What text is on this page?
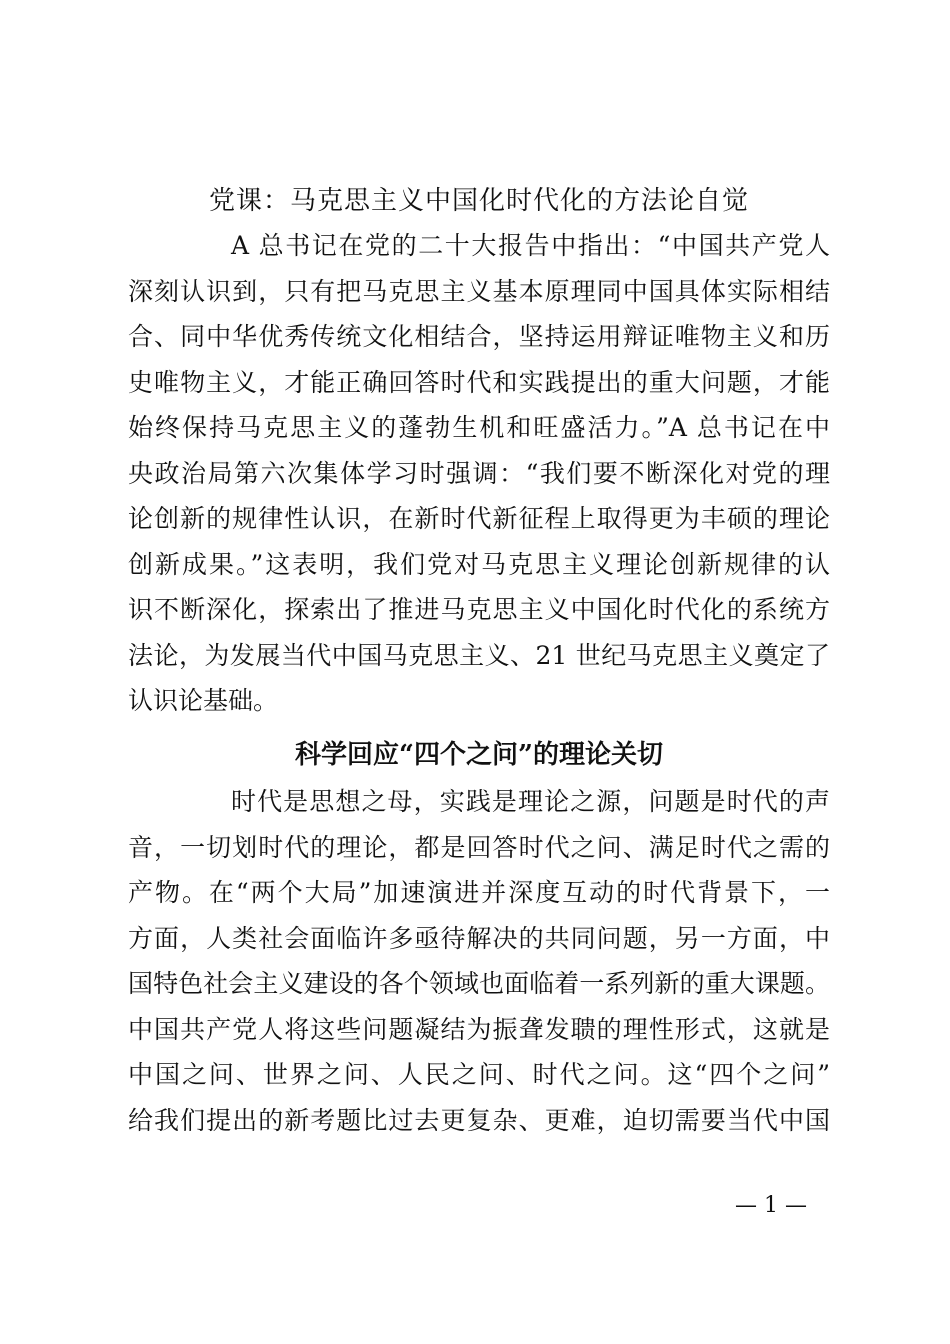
党课：马克思主义中国化时代化的方法论自觉
A 总书记在党的二十大报告中指出：“中国共产党人
深刻认识到，只有把马克思主义基本原理同中国具体实际相结
合、同中华优秀传统文化相结合，坚持运用辩证唯物主义和历
史唯物主义，才能正确回答时代和实践提出的重大问题，才能
始终保持马克思主义的蓬勃生机和旺盛活力。”A 总书记在中
央政治局第六次集体学习时强调：“我们要不断深化对党的理
论创新的规律性认识，在新时代新征程上取得更为丰硕的理论
创新成果。”这表明，我们党对马克思主义理论创新规律的认
识不断深化，探索出了推进马克思主义中国化时代化的系统方
法论，为发展当代中国马克思主义、21 世纪马克思主义奠定了
认识论基础。
科学回应“四个之问”的理论关切
时代是思想之母，实践是理论之源，问题是时代的声
音，一切划时代的理论，都是回答时代之问、满足时代之需的
产物。在“两个大局”加速演进并深度互动的时代背景下，一
方面，人类社会面临许多亟待解决的共同问题，另一方面，中
国特色社会主义建设的各个领域也面临着一系列新的重大课题。
中国共产党人将这些问题凝结为振聋发聩的理性形式，这就是
中国之问、世界之问、人民之问、时代之问。这“四个之问”
给我们提出的新考题比过去更复杂、更难，迫切需要当代中国
— 1 —
